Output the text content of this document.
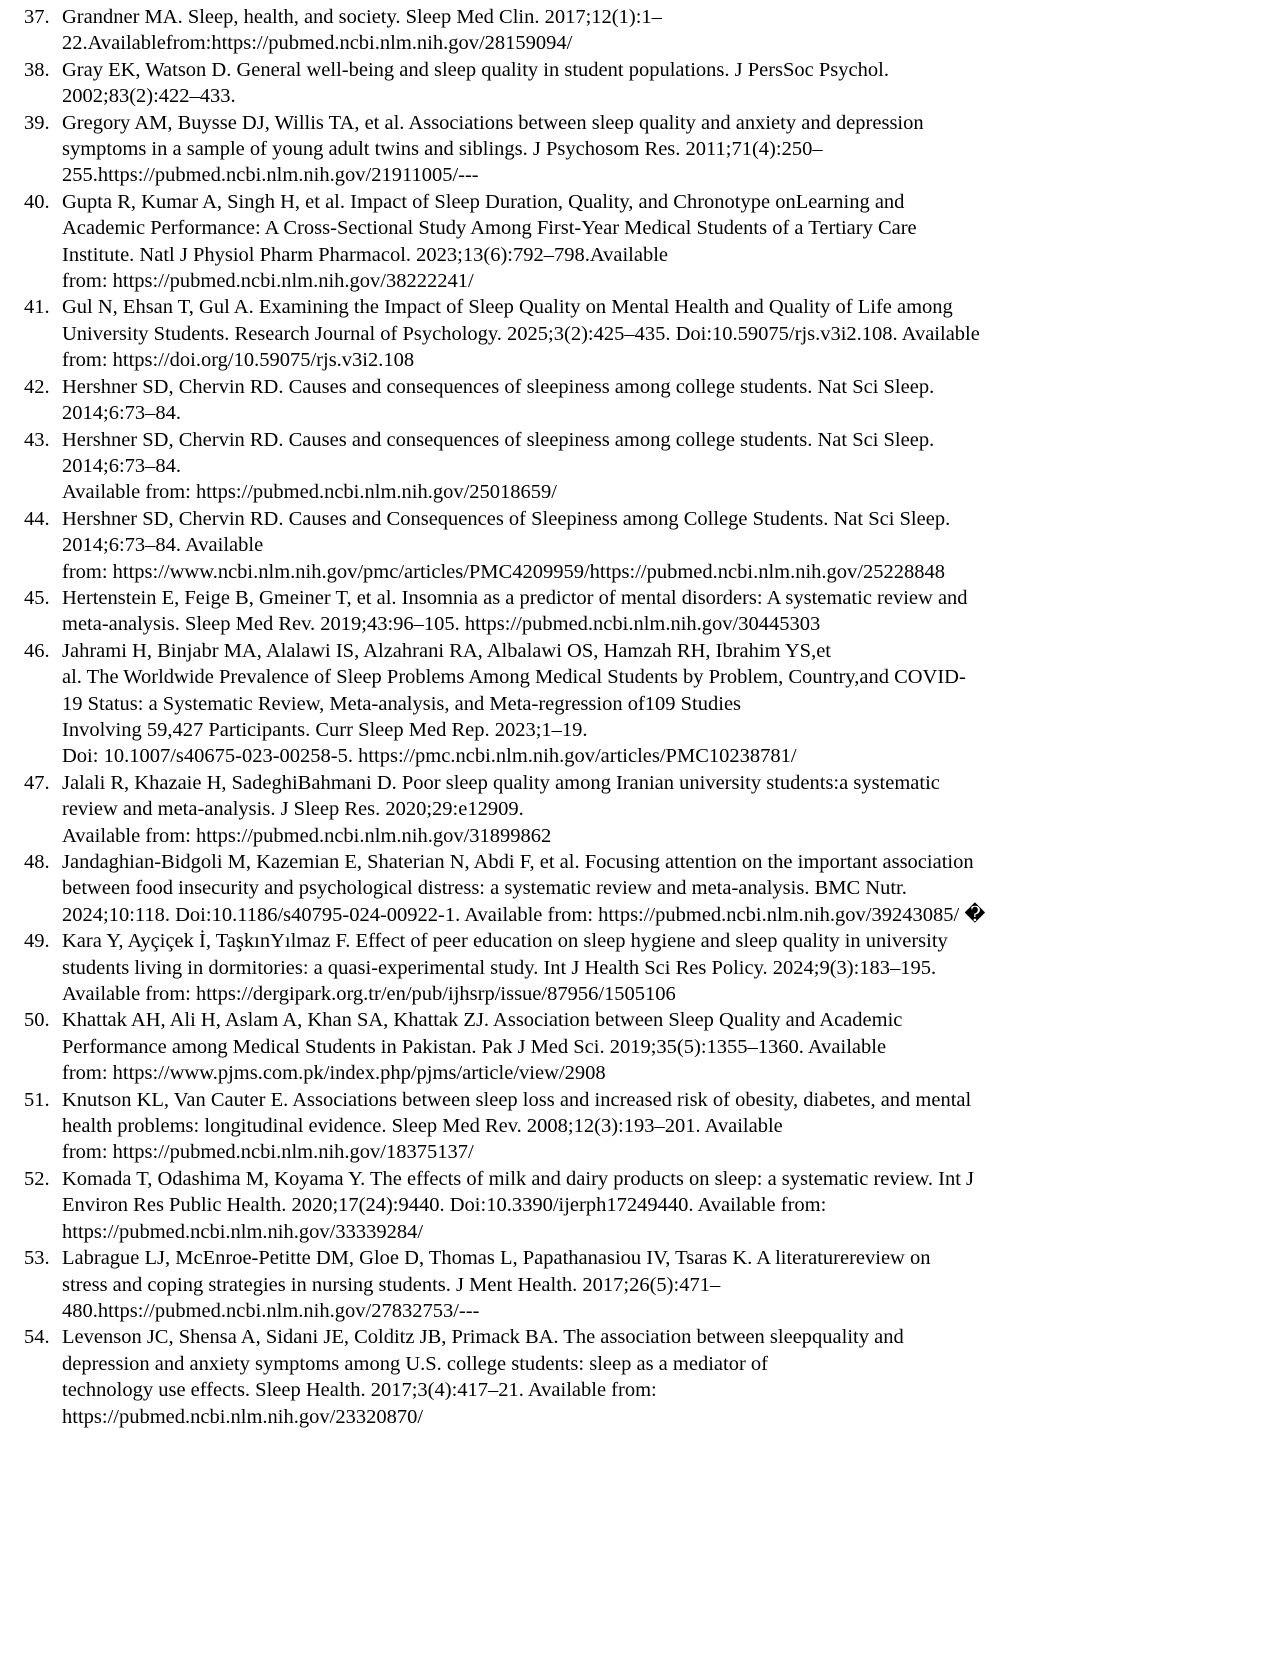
37. Grandner MA. Sleep, health, and society. Sleep Med Clin. 2017;12(1):1–
22.Availablefrom:https://pubmed.ncbi.nlm.nih.gov/28159094/
38. Gray EK, Watson D. General well-being and sleep quality in student populations. J PersSoc Psychol.
2002;83(2):422–433.
39. Gregory AM, Buysse DJ, Willis TA, et al. Associations between sleep quality and anxiety and depression
symptoms in a sample of young adult twins and siblings. J Psychosom Res. 2011;71(4):250–
255.https://pubmed.ncbi.nlm.nih.gov/21911005/---
40. Gupta R, Kumar A, Singh H, et al. Impact of Sleep Duration, Quality, and Chronotype onLearning and
Academic Performance: A Cross-Sectional Study Among First-Year Medical Students of a Tertiary Care
Institute. Natl J Physiol Pharm Pharmacol. 2023;13(6):792–798.Available
from: https://pubmed.ncbi.nlm.nih.gov/38222241/
41. Gul N, Ehsan T, Gul A. Examining the Impact of Sleep Quality on Mental Health and Quality of Life among
University Students. Research Journal of Psychology. 2025;3(2):425–435. Doi:10.59075/rjs.v3i2.108. Available
from: https://doi.org/10.59075/rjs.v3i2.108
42. Hershner SD, Chervin RD. Causes and consequences of sleepiness among college students. Nat Sci Sleep.
2014;6:73–84.
43. Hershner SD, Chervin RD. Causes and consequences of sleepiness among college students. Nat Sci Sleep.
2014;6:73–84.
Available from: https://pubmed.ncbi.nlm.nih.gov/25018659/
44. Hershner SD, Chervin RD. Causes and Consequences of Sleepiness among College Students. Nat Sci Sleep.
2014;6:73–84. Available
from: https://www.ncbi.nlm.nih.gov/pmc/articles/PMC4209959/https://pubmed.ncbi.nlm.nih.gov/25228848
45. Hertenstein E, Feige B, Gmeiner T, et al. Insomnia as a predictor of mental disorders: A systematic review and
meta-analysis. Sleep Med Rev. 2019;43:96–105. https://pubmed.ncbi.nlm.nih.gov/30445303
46. Jahrami H, Binjabr MA, Alalawi IS, Alzahrani RA, Albalawi OS, Hamzah RH, Ibrahim YS,et
al. The Worldwide Prevalence of Sleep Problems Among Medical Students by Problem, Country,and COVID-
19 Status: a Systematic Review, Meta-analysis, and Meta-regression of109 Studies
Involving 59,427 Participants. Curr Sleep Med Rep. 2023;1–19.
Doi: 10.1007/s40675-023-00258-5. https://pmc.ncbi.nlm.nih.gov/articles/PMC10238781/
47. Jalali R, Khazaie H, SadeghiBahmani D. Poor sleep quality among Iranian university students:a systematic
review and meta-analysis. J Sleep Res. 2020;29:e12909.
Available from: https://pubmed.ncbi.nlm.nih.gov/31899862
48. Jandaghian-Bidgoli M, Kazemian E, Shaterian N, Abdi F, et al. Focusing attention on the important association
between food insecurity and psychological distress: a systematic review and meta-analysis. BMC Nutr.
2024;10:118. Doi:10.1186/s40795-024-00922-1. Available from: https://pubmed.ncbi.nlm.nih.gov/39243085/ �
49. Kara Y, Ayçiçek İ, TaşkınYılmaz F. Effect of peer education on sleep hygiene and sleep quality in university
students living in dormitories: a quasi-experimental study. Int J Health Sci Res Policy. 2024;9(3):183–195.
Available from: https://dergipark.org.tr/en/pub/ijhsrp/issue/87956/1505106
50. Khattak AH, Ali H, Aslam A, Khan SA, Khattak ZJ. Association between Sleep Quality and Academic
Performance among Medical Students in Pakistan. Pak J Med Sci. 2019;35(5):1355–1360. Available
from: https://www.pjms.com.pk/index.php/pjms/article/view/2908
51. Knutson KL, Van Cauter E. Associations between sleep loss and increased risk of obesity, diabetes, and mental
health problems: longitudinal evidence. Sleep Med Rev. 2008;12(3):193–201. Available
from: https://pubmed.ncbi.nlm.nih.gov/18375137/
52. Komada T, Odashima M, Koyama Y. The effects of milk and dairy products on sleep: a systematic review. Int J
Environ Res Public Health. 2020;17(24):9440. Doi:10.3390/ijerph17249440. Available from:
https://pubmed.ncbi.nlm.nih.gov/33339284/
53. Labrague LJ, McEnroe-Petitte DM, Gloe D, Thomas L, Papathanasiou IV, Tsaras K. A literaturereview on
stress and coping strategies in nursing students. J Ment Health. 2017;26(5):471–
480.https://pubmed.ncbi.nlm.nih.gov/27832753/---
54. Levenson JC, Shensa A, Sidani JE, Colditz JB, Primack BA. The association between sleepquality and
depression and anxiety symptoms among U.S. college students: sleep as a mediator of
technology use effects. Sleep Health. 2017;3(4):417–21. Available from:
https://pubmed.ncbi.nlm.nih.gov/23320870/
